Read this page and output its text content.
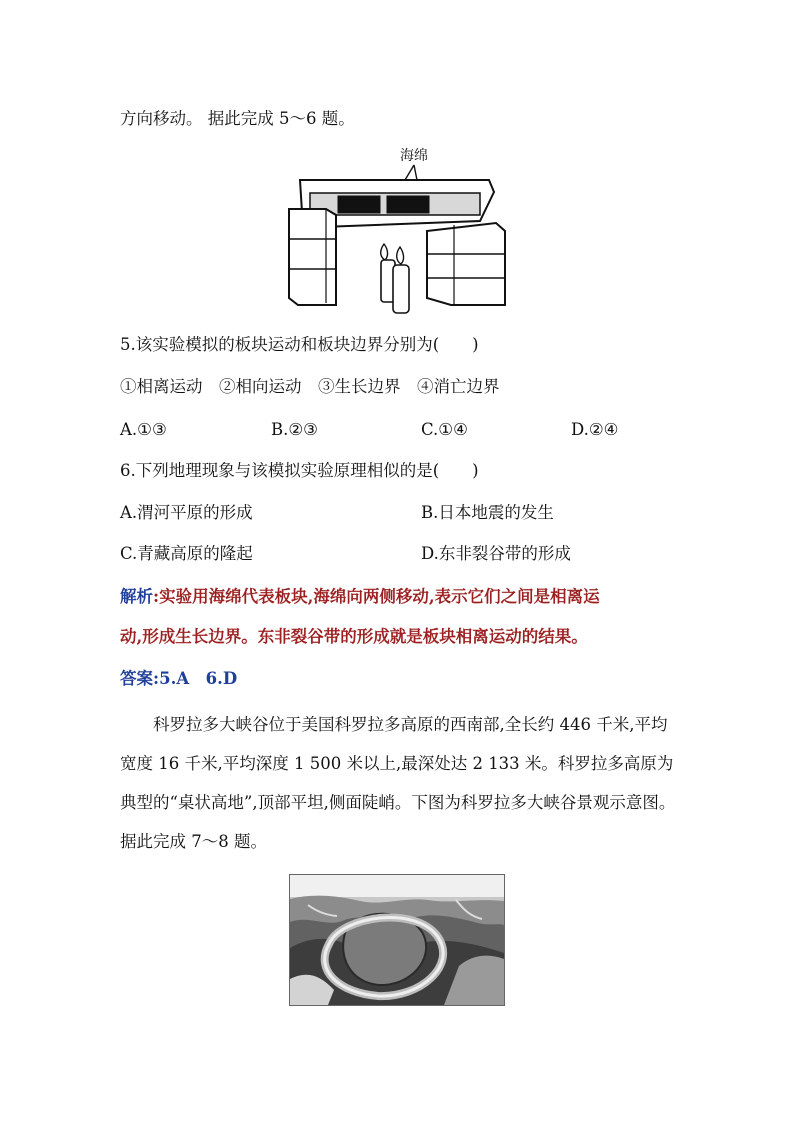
方向移动。 据此完成 5～6 题。
海绵
5.该实验模拟的板块运动和板块边界分别为(　　)
①相离运动　②相向运动　③生长边界　④消亡边界
A.①③	B.②③	C.①④	D.②④
6.下列地理现象与该模拟实验原理相似的是(　　)
A.渭河平原的形成	B.日本地震的发生
C.青藏高原的隆起	D.东非裂谷带的形成
解析:实验用海绵代表板块,海绵向两侧移动,表示它们之间是相离运
动,形成生长边界。东非裂谷带的形成就是板块相离运动的结果。
答案:5.A　6.D
科罗拉多大峡谷位于美国科罗拉多高原的西南部,全长约 446 千米,平均宽度 16 千米,平均深度 1 500 米以上,最深处达 2 133 米。科罗拉多高原为典型的“桌状高地”,顶部平坦,侧面陡峭。下图为科罗拉多大峡谷景观示意图。据此完成 7～8 题。
